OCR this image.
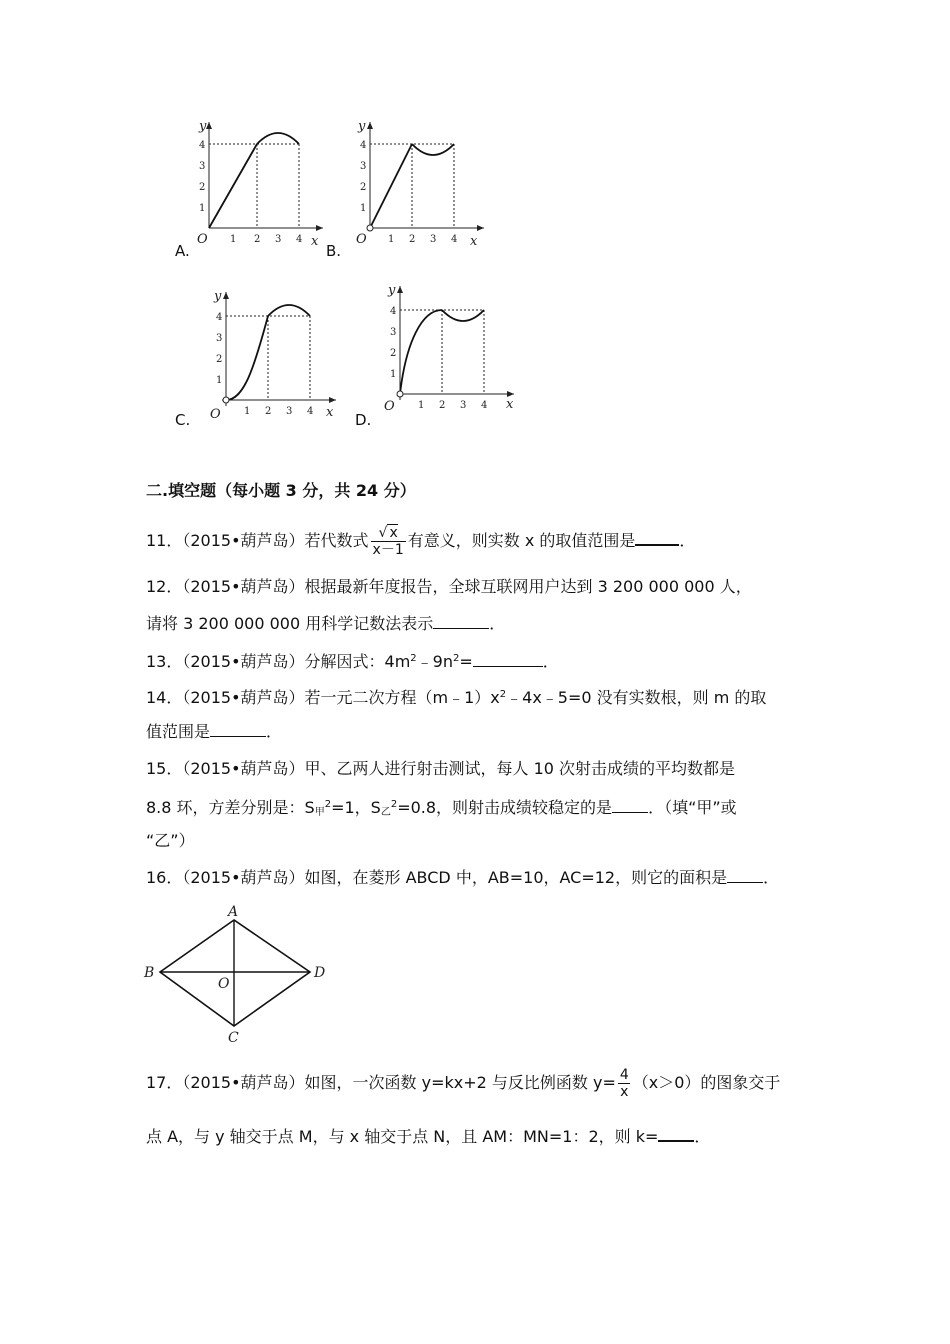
y
x
O 1 2 3 4
1
2
3
4
A.
y
x
O 1 2 3 4
1
2
3
4
B.
y
x
O 1 2 3 4
1
2
3
4
C.
y
x
O 1 2 3 4
1
2
3
4
D.
二.填空题（每小题 3 分，共 24 分）
11．（2015•葫芦岛）若代数式 $\frac{√ x}{x-1}$ 有意义，则实数 x 的取值范围是	．
12．（2015•葫芦岛）根据最新年度报告，全球互联网用户达到 3 200 000 000 人，
请将 3 200 000 000 用科学记数法表示	．
13．（2015•葫芦岛）分解因式：$4m^2﹣9n^2=$	．
14．（2015•葫芦岛）若一元二次方程$(m﹣1)x^2﹣4x﹣5=0$ 没有实数根，则 m 的取
值范围是	．
15．（2015•葫芦岛）甲、乙两人进行射击测试，每人 10 次射击成绩的平均数都是
8.8 环，方差分别是：$S_甲^2=1$，$S_乙^2=0.8$，则射击成绩较稳定的是 ．（填“甲”或
“乙”）
16．（2015•葫芦岛）如图，在菱形 ABCD 中，AB=10，AC=12，则它的面积是 ．
A
B
C
D
O
17．（2015•葫芦岛）如图，一次函数 y=kx+2 与反比例函数 $y= \frac{4}{x} (x>0)$的图象交于
点 A，与 y 轴交于点 M，与 x 轴交于点 N，且 AM：MN=1：2，则 k= ．
